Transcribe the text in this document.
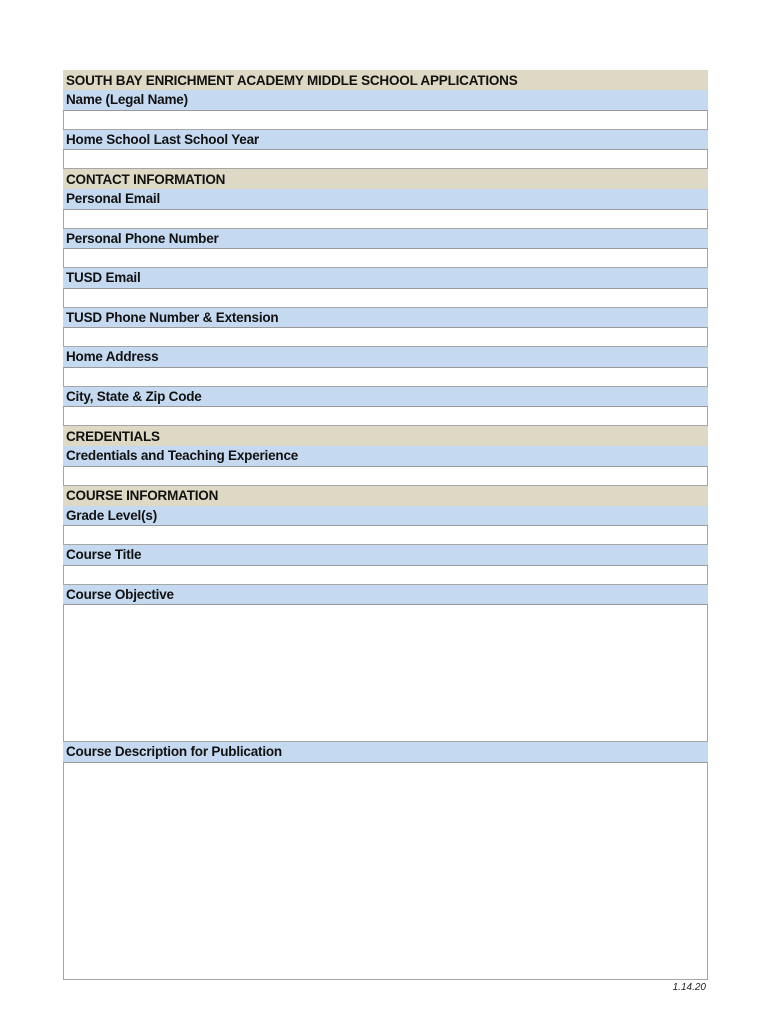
SOUTH BAY ENRICHMENT ACADEMY MIDDLE SCHOOL APPLICATIONS
Name (Legal Name)
Home School Last School Year
CONTACT INFORMATION
Personal Email
Personal Phone Number
TUSD Email
TUSD Phone Number & Extension
Home Address
City, State & Zip Code
CREDENTIALS
Credentials and Teaching Experience
COURSE INFORMATION
Grade Level(s)
Course Title
Course Objective
Course Description for Publication
1.14.20
